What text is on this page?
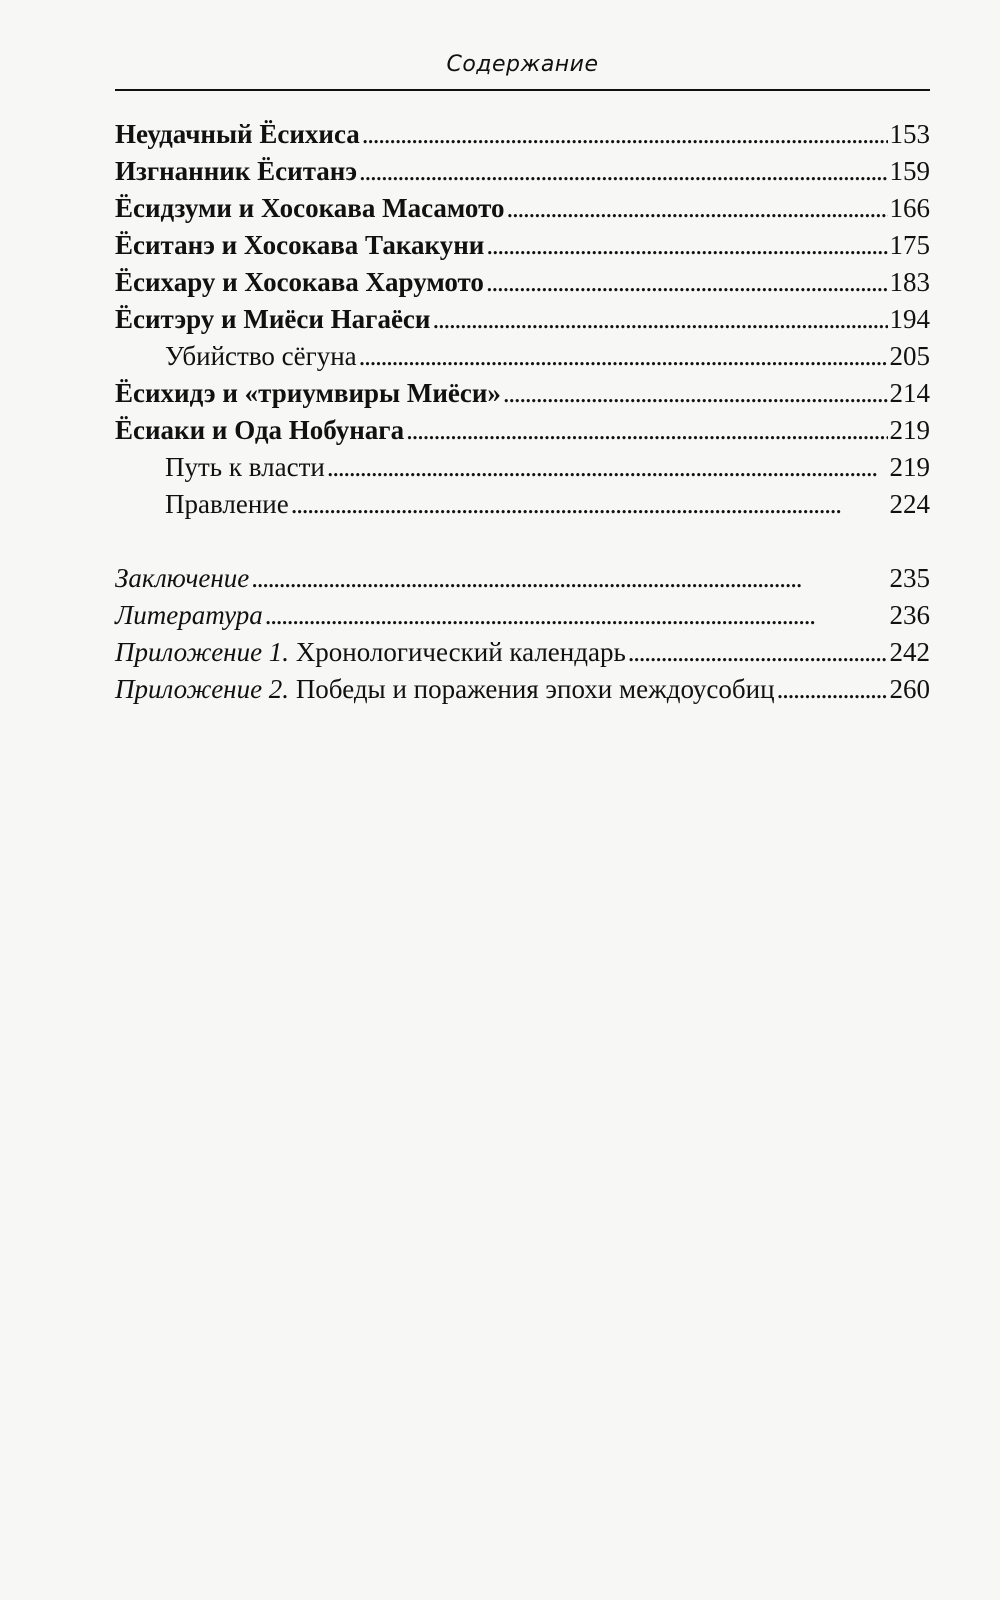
Содержание
Неудачный Ёсихиса . . .	153
Изгнанник Ёситанэ . . .	159
Ёсидзуми и Хосокава Масамото . . .	166
Ёситанэ и Хосокава Такакуни . . .	175
Ёсихару и Хосокава Харумото . . .	183
Ёситэру и Миёси Нагаёси . . .	194
Убийство сёгуна . . .	205
Ёсихидэ и «триумвиры Миёси» . . .	214
Ёсиаки и Ода Нобунага . . .	219
Путь к власти . . .	219
Правление . . .	224
Заключение . . .	235
Литература . . .	236
Приложение 1. Хронологический календарь . . .	242
Приложение 2. Победы и поражения эпохи междоусобиц . . .	260
